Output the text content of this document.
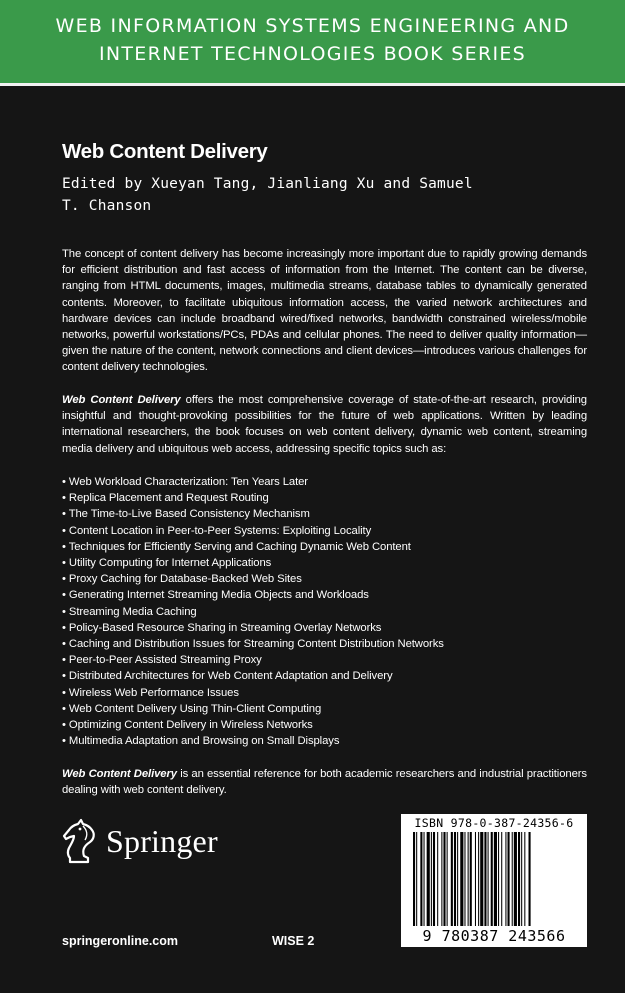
WEB INFORMATION SYSTEMS ENGINEERING AND
INTERNET TECHNOLOGIES BOOK SERIES
Web Content Delivery
Edited by Xueyan Tang, Jianliang Xu and Samuel T. Chanson
The concept of content delivery has become increasingly more important due to rapidly growing demands for efficient distribution and fast access of information from the Internet. The content can be diverse, ranging from HTML documents, images, multimedia streams, database tables to dynamically generated contents. Moreover, to facilitate ubiquitous information access, the varied network architectures and hardware devices can include broadband wired/fixed networks, bandwidth constrained wireless/mobile networks, powerful workstations/PCs, PDAs and cellular phones. The need to deliver quality information—given the nature of the content, network connections and client devices—introduces various challenges for content delivery technologies.
Web Content Delivery offers the most comprehensive coverage of state-of-the-art research, providing insightful and thought-provoking possibilities for the future of web applications. Written by leading international researchers, the book focuses on web content delivery, dynamic web content, streaming media delivery and ubiquitous web access, addressing specific topics such as:
• Web Workload Characterization: Ten Years Later
• Replica Placement and Request Routing
• The Time-to-Live Based Consistency Mechanism
• Content Location in Peer-to-Peer Systems: Exploiting Locality
• Techniques for Efficiently Serving and Caching Dynamic Web Content
• Utility Computing for Internet Applications
• Proxy Caching for Database-Backed Web Sites
• Generating Internet Streaming Media Objects and Workloads
• Streaming Media Caching
• Policy-Based Resource Sharing in Streaming Overlay Networks
• Caching and Distribution Issues for Streaming Content Distribution Networks
• Peer-to-Peer Assisted Streaming Proxy
• Distributed Architectures for Web Content Adaptation and Delivery
• Wireless Web Performance Issues
• Web Content Delivery Using Thin-Client Computing
• Optimizing Content Delivery in Wireless Networks
• Multimedia Adaptation and Browsing on Small Displays
Web Content Delivery is an essential reference for both academic researchers and industrial practitioners dealing with web content delivery.
Springer
springeronline.com	WISE 2
ISBN 978-0-387-24356-6
9 780387 243566
